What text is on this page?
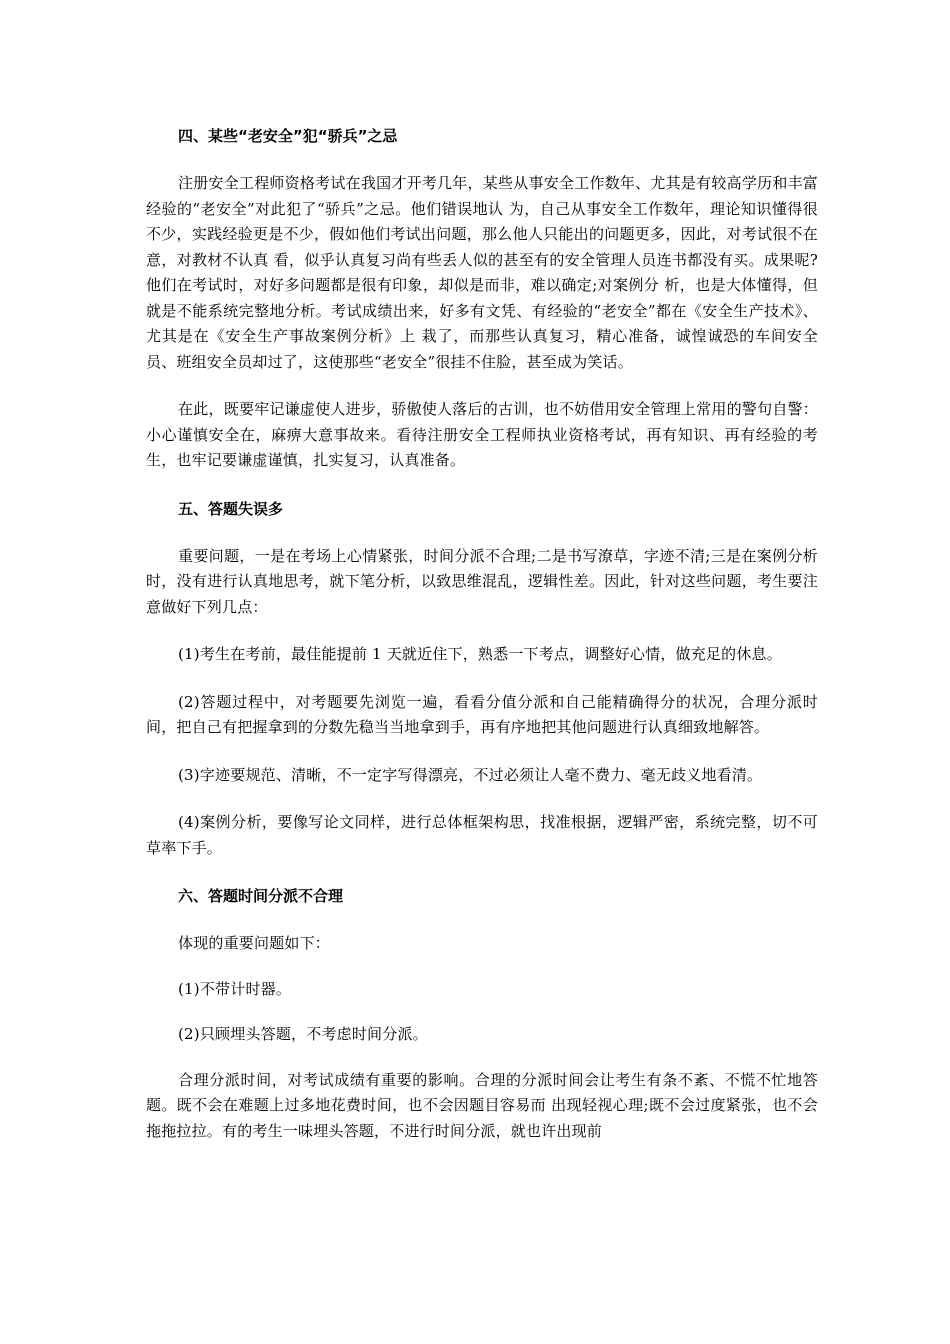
四、某些“老安全”犯“骄兵”之忌

注册安全工程师资格考试在我国才开考几年，某些从事安全工作数年、尤其是有较高学历和丰富经验的“老安全”对此犯了“骄兵”之忌。他们错误地认 为，自己从事安全工作数年，理论知识懂得很不少，实践经验更是不少，假如他们考试出问题，那么他人只能出的问题更多，因此，对考试很不在意，对教材不认真 看，似乎认真复习尚有些丢人似的甚至有的安全管理人员连书都没有买。成果呢?他们在考试时，对好多问题都是很有印象，却似是而非，难以确定;对案例分 析，也是大体懂得，但就是不能系统完整地分析。考试成绩出来，好多有文凭、有经验的“老安全”都在《安全生产技术》、尤其是在《安全生产事故案例分析》上 栽了，而那些认真复习，精心准备，诚惶诚恐的车间安全员、班组安全员却过了，这使那些“老安全”很挂不住脸，甚至成为笑话。

在此，既要牢记谦虚使人进步，骄傲使人落后的古训，也不妨借用安全管理上常用的警句自警：小心谨慎安全在，麻痹大意事故来。看待注册安全工程师执业资格考试，再有知识、再有经验的考生，也牢记要谦虚谨慎，扎实复习，认真准备。

五、答题失误多

重要问题，一是在考场上心情紧张，时间分派不合理;二是书写潦草，字迹不清;三是在案例分析时，没有进行认真地思考，就下笔分析，以致思维混乱，逻辑性差。因此，针对这些问题，考生要注意做好下列几点：

(1)考生在考前，最佳能提前 1 天就近住下，熟悉一下考点，调整好心情，做充足的休息。

(2)答题过程中，对考题要先浏览一遍，看看分值分派和自己能精确得分的状况，合理分派时间，把自己有把握拿到的分数先稳当当地拿到手，再有序地把其他问题进行认真细致地解答。

(3)字迹要规范、清晰，不一定字写得漂亮，不过必须让人毫不费力、毫无歧义地看清。

(4)案例分析，要像写论文同样，进行总体框架构思，找准根据，逻辑严密，系统完整，切不可草率下手。

六、答题时间分派不合理

体现的重要问题如下：

(1)不带计时器。

(2)只顾埋头答题，不考虑时间分派。

合理分派时间，对考试成绩有重要的影响。合理的分派时间会让考生有条不紊、不慌不忙地答题。既不会在难题上过多地花费时间，也不会因题目容易而 出现轻视心理;既不会过度紧张，也不会拖拖拉拉。有的考生一味埋头答题，不进行时间分派，就也许出现前
